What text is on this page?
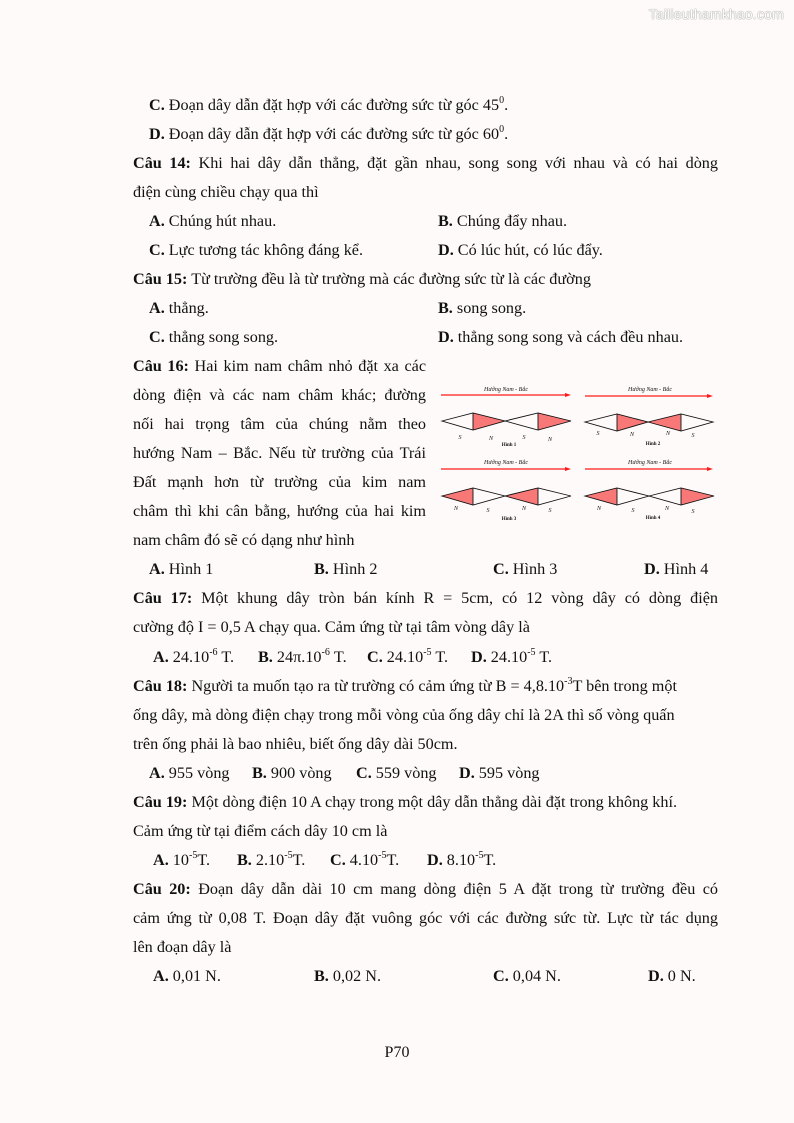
Tailieuthamkhao.com
C. Đoạn dây dẫn đặt hợp với các đường sức từ góc $45^0$.
D. Đoạn dây dẫn đặt hợp với các đường sức từ góc $60^0$.
Câu 14: Khi hai dây dẫn thẳng, đặt gần nhau, song song với nhau và có hai dòng
điện cùng chiều chạy qua thì
A. Chúng hút nhau.	B. Chúng đẩy nhau.
C. Lực tương tác không đáng kể.	D. Có lúc hút, có lúc đẩy.
Câu 15: Từ trường đều là từ trường mà các đường sức từ là các đường
A. thẳng.	B. song song.
C. thẳng song song.	D. thẳng song song và cách đều nhau.
Câu 16: Hai kim nam châm nhỏ đặt xa các
dòng điện và các nam châm khác; đường
nối hai trọng tâm của chúng nằm theo
hướng Nam – Bắc. Nếu từ trường của Trái
Đất mạnh hơn từ trường của kim nam
châm thì khi cân bằng, hướng của hai kim
nam châm đó sẽ có dạng như hình
Hướng Nam - Bắc
S	N	S	N
Hình 1
Hướng Nam - Bắc
S	N	N	S
Hình 2
Hướng Nam - Bắc
N	S	N	S
Hình 3
Hướng Nam - Bắc
N	S	N	S
Hình 4
A. Hình 1	B. Hình 2	C. Hình 3	D. Hình 4
Câu 17: Một khung dây tròn bán kính R = 5cm, có 12 vòng dây có dòng điện
cường độ I = 0,5 A chạy qua. Cảm ứng từ tại tâm vòng dây là
A. $24.10^{-6}$ T. B. $24\pi.10^{-6}$ T. C. $24.10^{-5}$ T. D. $24.10^{-5}$ T.
Câu 18: Người ta muốn tạo ra từ trường có cảm ứng từ $B = 4,8.10^{-3}T$ bên trong một
ống dây, mà dòng điện chạy trong mỗi vòng của ống dây chỉ là 2A thì số vòng quấn
trên ống phải là bao nhiêu, biết ống dây dài 50cm.
A. 955 vòng B. 900 vòng C. 559 vòng D. 595 vòng
Câu 19: Một dòng điện 10 A chạy trong một dây dẫn thẳng dài đặt trong không khí.
Cảm ứng từ tại điểm cách dây 10 cm là
A. $10^{-5}T$. B. $2.10^{-5}T$. C. $4.10^{-5}T$. D. $8.10^{-5}T$.
Câu 20: Đoạn dây dẫn dài 10 cm mang dòng điện 5 A đặt trong từ trường đều có
cảm ứng từ 0,08 T. Đoạn dây đặt vuông góc với các đường sức từ. Lực từ tác dụng
lên đoạn dây là
A. 0,01 N.	B. 0,02 N.	C. 0,04 N.	D. 0 N.
P70
